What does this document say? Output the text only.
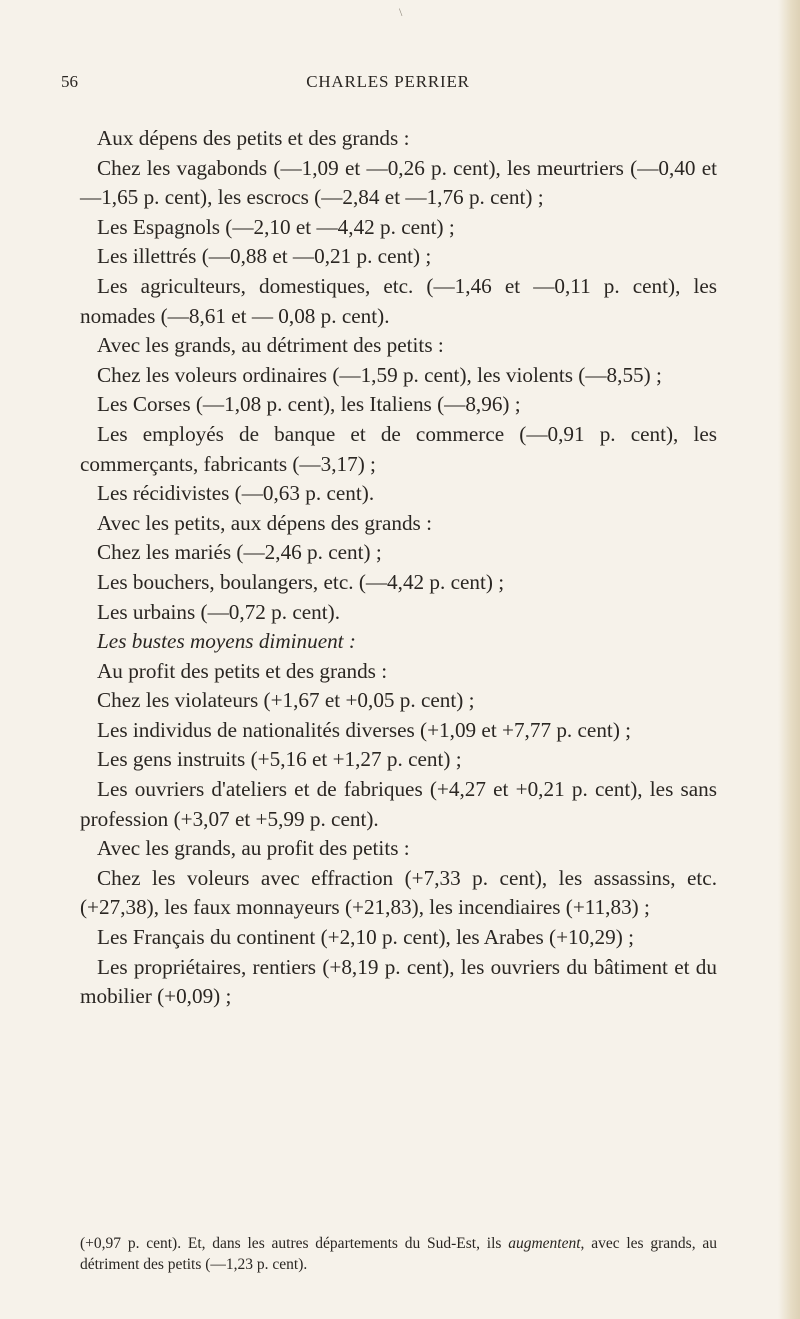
\
56	CHARLES PERRIER

Aux dépens des petits et des grands :

Chez les vagabonds (—1,09 et —0,26 p. cent), les meurtriers (—0,40 et —1,65 p. cent), les escrocs (—2,84 et —1,76 p. cent) ;

Les Espagnols (—2,10 et —4,42 p. cent) ;

Les illettrés (—0,88 et —0,21 p. cent) ;

Les agriculteurs, domestiques, etc. (—1,46 et —0,11 p. cent), les nomades (—8,61 et — 0,08 p. cent).

Avec les grands, au détriment des petits :

Chez les voleurs ordinaires (—1,59 p. cent), les violents (—8,55) ;

Les Corses (—1,08 p. cent), les Italiens (—8,96) ;

Les employés de banque et de commerce (—0,91 p. cent), les commerçants, fabricants (—3,17) ;

Les récidivistes (—0,63 p. cent).

Avec les petits, aux dépens des grands :

Chez les mariés (—2,46 p. cent) ;

Les bouchers, boulangers, etc. (—4,42 p. cent) ;

Les urbains (—0,72 p. cent).

Les bustes moyens diminuent :

Au profit des petits et des grands :

Chez les violateurs (+1,67 et +0,05 p. cent) ;

Les individus de nationalités diverses (+1,09 et +7,77 p. cent) ;

Les gens instruits (+5,16 et +1,27 p. cent) ;

Les ouvriers d'ateliers et de fabriques (+4,27 et +0,21 p. cent), les sans profession (+3,07 et +5,99 p. cent).

Avec les grands, au profit des petits :

Chez les voleurs avec effraction (+7,33 p. cent), les assassins, etc. (+27,38), les faux monnayeurs (+21,83), les incendiaires (+11,83) ;

Les Français du continent (+2,10 p. cent), les Arabes (+10,29) ;

Les propriétaires, rentiers (+8,19 p. cent), les ouvriers du bâtiment et du mobilier (+0,09) ;

(+0,97 p. cent). Et, dans les autres départements du Sud-Est, ils augmentent, avec les grands, au détriment des petits (—1,23 p. cent).
